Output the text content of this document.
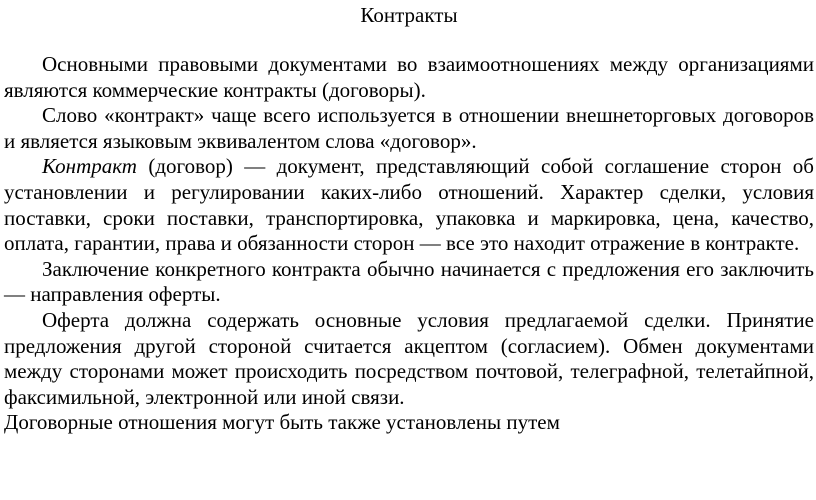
Контракты

Основными правовыми документами во взаимоотношениях между организациями являются коммерческие контракты (договоры).

Слово «контракт» чаще всего используется в отношении внешнеторговых договоров и является языковым эквивалентом слова «договор».

Контракт (договор) — документ, представляющий собой соглашение сторон об установлении и регулировании каких-либо отношений. Характер сделки, условия поставки, сроки поставки, транспортировка, упаковка и маркировка, цена, качество, оплата, гарантии, права и обязанности сторон — все это находит отражение в контракте.

Заключение конкретного контракта обычно начинается с предложения его заключить — направления оферты.

Оферта должна содержать основные условия предлагаемой сделки. Принятие предложения другой стороной считается акцептом (согласием). Обмен документами между сторонами может происходить посредством почтовой, телеграфной, телетайпной, факсимильной, электронной или иной связи.

Договорные отношения могут быть также установлены путем
